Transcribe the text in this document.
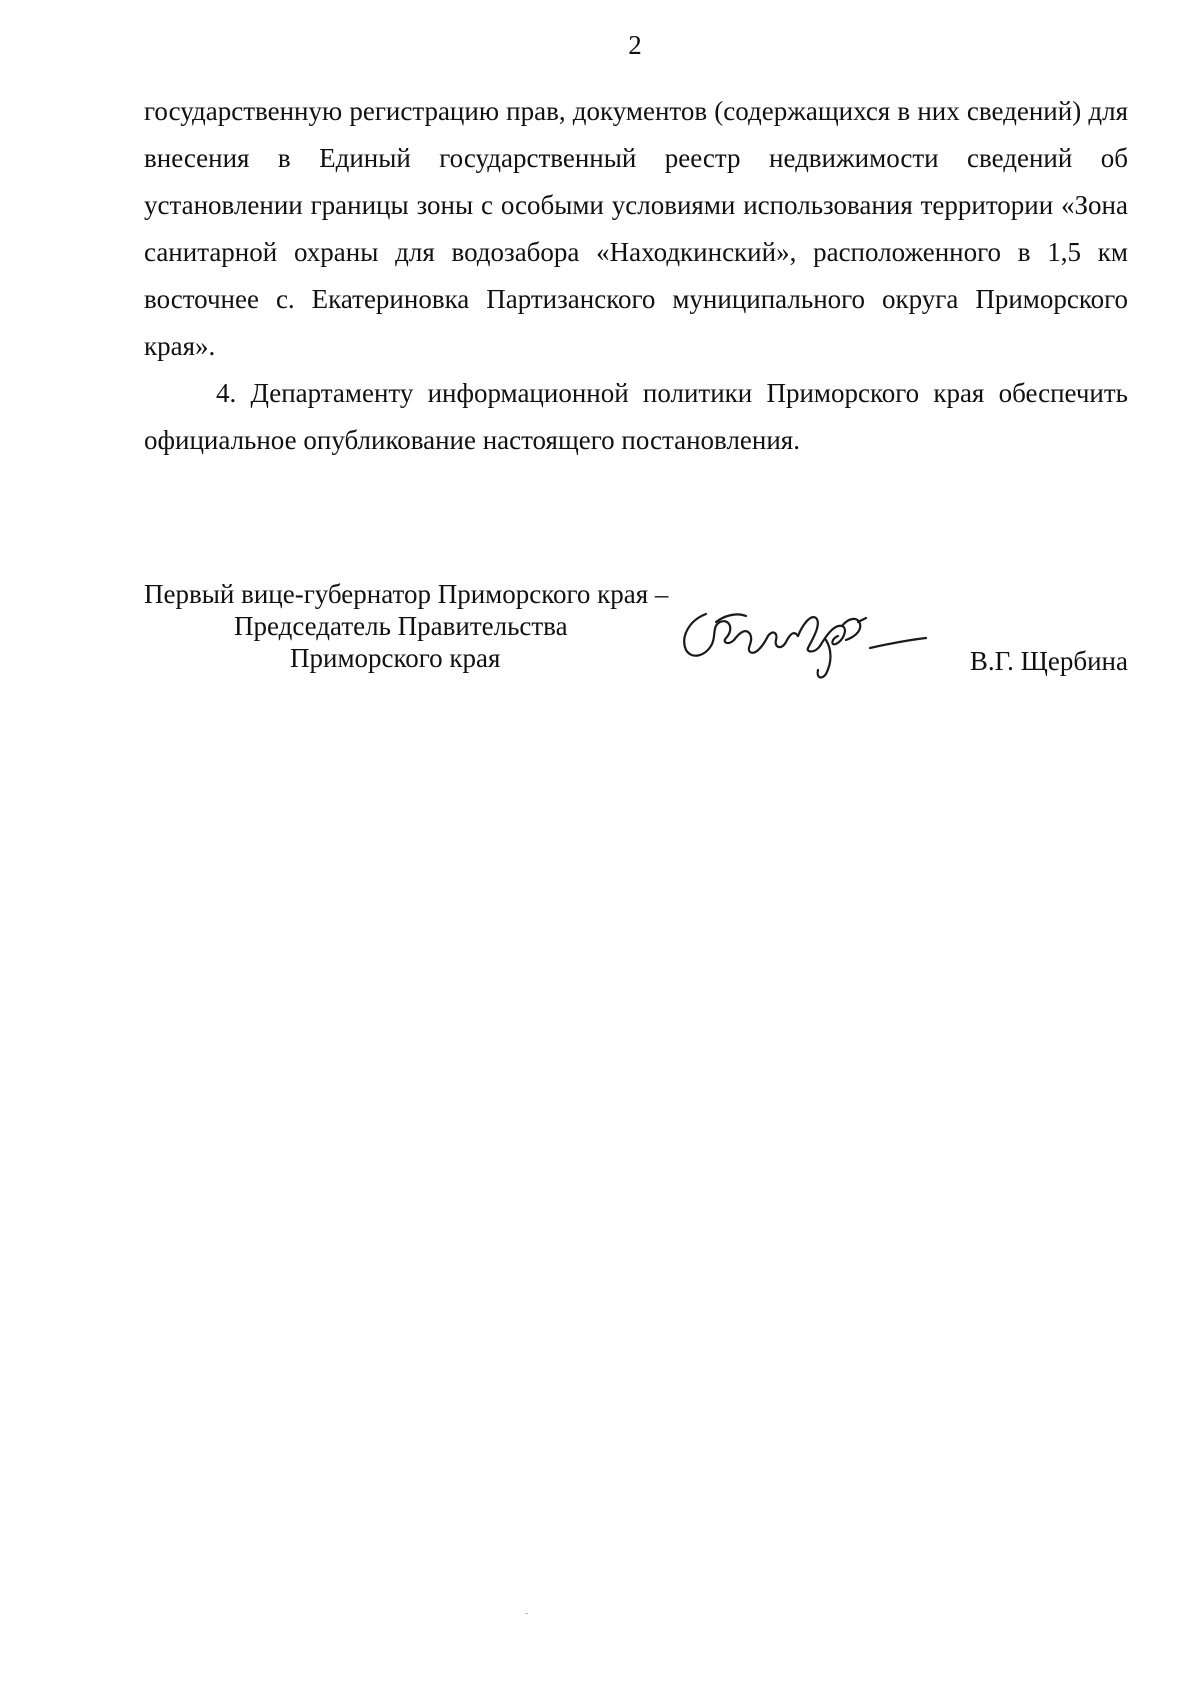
2

государственную регистрацию прав, документов (содержащихся в них сведений) для внесения в Единый государственный реестр недвижимости сведений об установлении границы зоны с особыми условиями использования территории «Зона санитарной охраны для водозабора «Находкинский», расположенного в 1,5 км восточнее с. Екатериновка Партизанского муниципального округа Приморского края».

4. Департаменту информационной политики Приморского края обеспечить официальное опубликование настоящего постановления.

Первый вице-губернатор Приморского края –
Председатель Правительства
Приморского края	В.Г. Щербина
